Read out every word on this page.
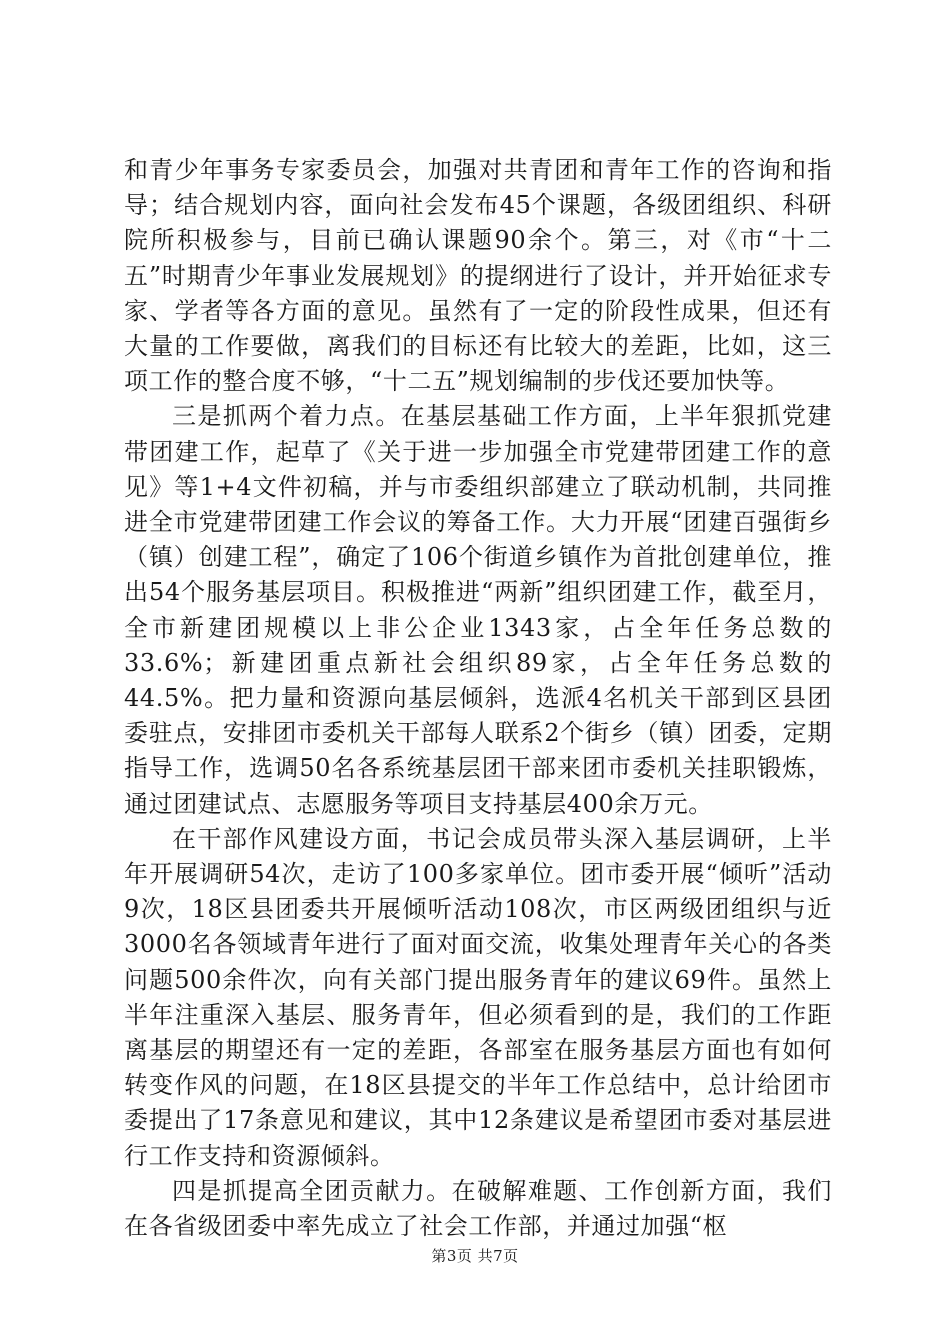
和青少年事务专家委员会，加强对共青团和青年工作的咨询和指导；结合规划内容，面向社会发布45个课题，各级团组织、科研院所积极参与，目前已确认课题90余个。第三，对《市“十二五”时期青少年事业发展规划》的提纲进行了设计，并开始征求专家、学者等各方面的意见。虽然有了一定的阶段性成果，但还有大量的工作要做，离我们的目标还有比较大的差距，比如，这三项工作的整合度不够，“十二五”规划编制的步伐还要加快等。

三是抓两个着力点。在基层基础工作方面，上半年狠抓党建带团建工作，起草了《关于进一步加强全市党建带团建工作的意见》等1+4文件初稿，并与市委组织部建立了联动机制，共同推进全市党建带团建工作会议的筹备工作。大力开展“团建百强街乡（镇）创建工程”，确定了106个街道乡镇作为首批创建单位，推出54个服务基层项目。积极推进“两新”组织团建工作，截至月，全市新建团规模以上非公企业1343家，占全年任务总数的33.6%；新建团重点新社会组织89家，占全年任务总数的44.5%。把力量和资源向基层倾斜，选派4名机关干部到区县团委驻点，安排团市委机关干部每人联系2个街乡（镇）团委，定期指导工作，选调50名各系统基层团干部来团市委机关挂职锻炼，通过团建试点、志愿服务等项目支持基层400余万元。

在干部作风建设方面，书记会成员带头深入基层调研，上半年开展调研54次，走访了100多家单位。团市委开展“倾听”活动9次，18区县团委共开展倾听活动108次，市区两级团组织与近3000名各领域青年进行了面对面交流，收集处理青年关心的各类问题500余件次，向有关部门提出服务青年的建议69件。虽然上半年注重深入基层、服务青年，但必须看到的是，我们的工作距离基层的期望还有一定的差距，各部室在服务基层方面也有如何转变作风的问题，在18区县提交的半年工作总结中，总计给团市委提出了17条意见和建议，其中12条建议是希望团市委对基层进行工作支持和资源倾斜。

四是抓提高全团贡献力。在破解难题、工作创新方面，我们在各省级团委中率先成立了社会工作部，并通过加强“枢

第3页 共7页
